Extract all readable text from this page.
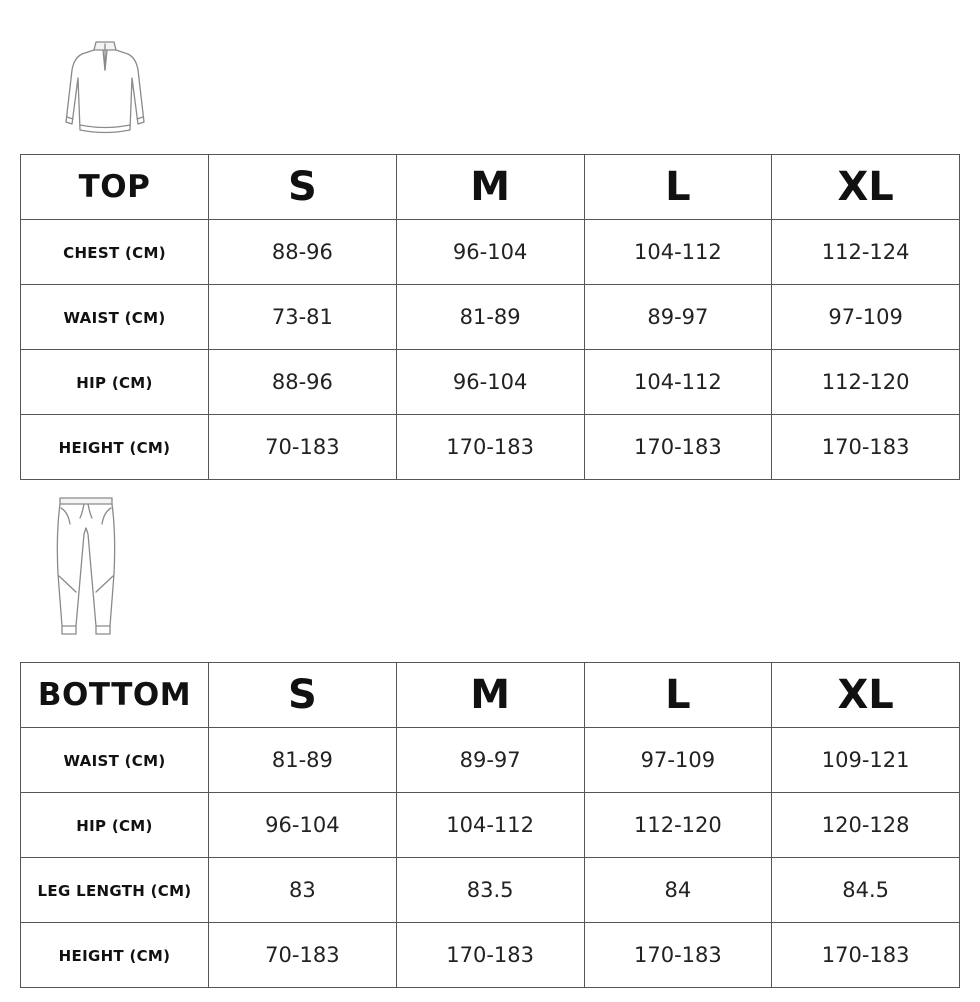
TOP	S	M	L	XL
CHEST (CM)	88-96	96-104	104-112	112-124
WAIST (CM)	73-81	81-89	89-97	97-109
HIP (CM)	88-96	96-104	104-112	112-120
HEIGHT (CM)	70-183	170-183	170-183	170-183
BOTTOM	S	M	L	XL
WAIST (CM)	81-89	89-97	97-109	109-121
HIP (CM)	96-104	104-112	112-120	120-128
LEG LENGTH (CM)	83	83.5	84	84.5
HEIGHT (CM)	70-183	170-183	170-183	170-183
